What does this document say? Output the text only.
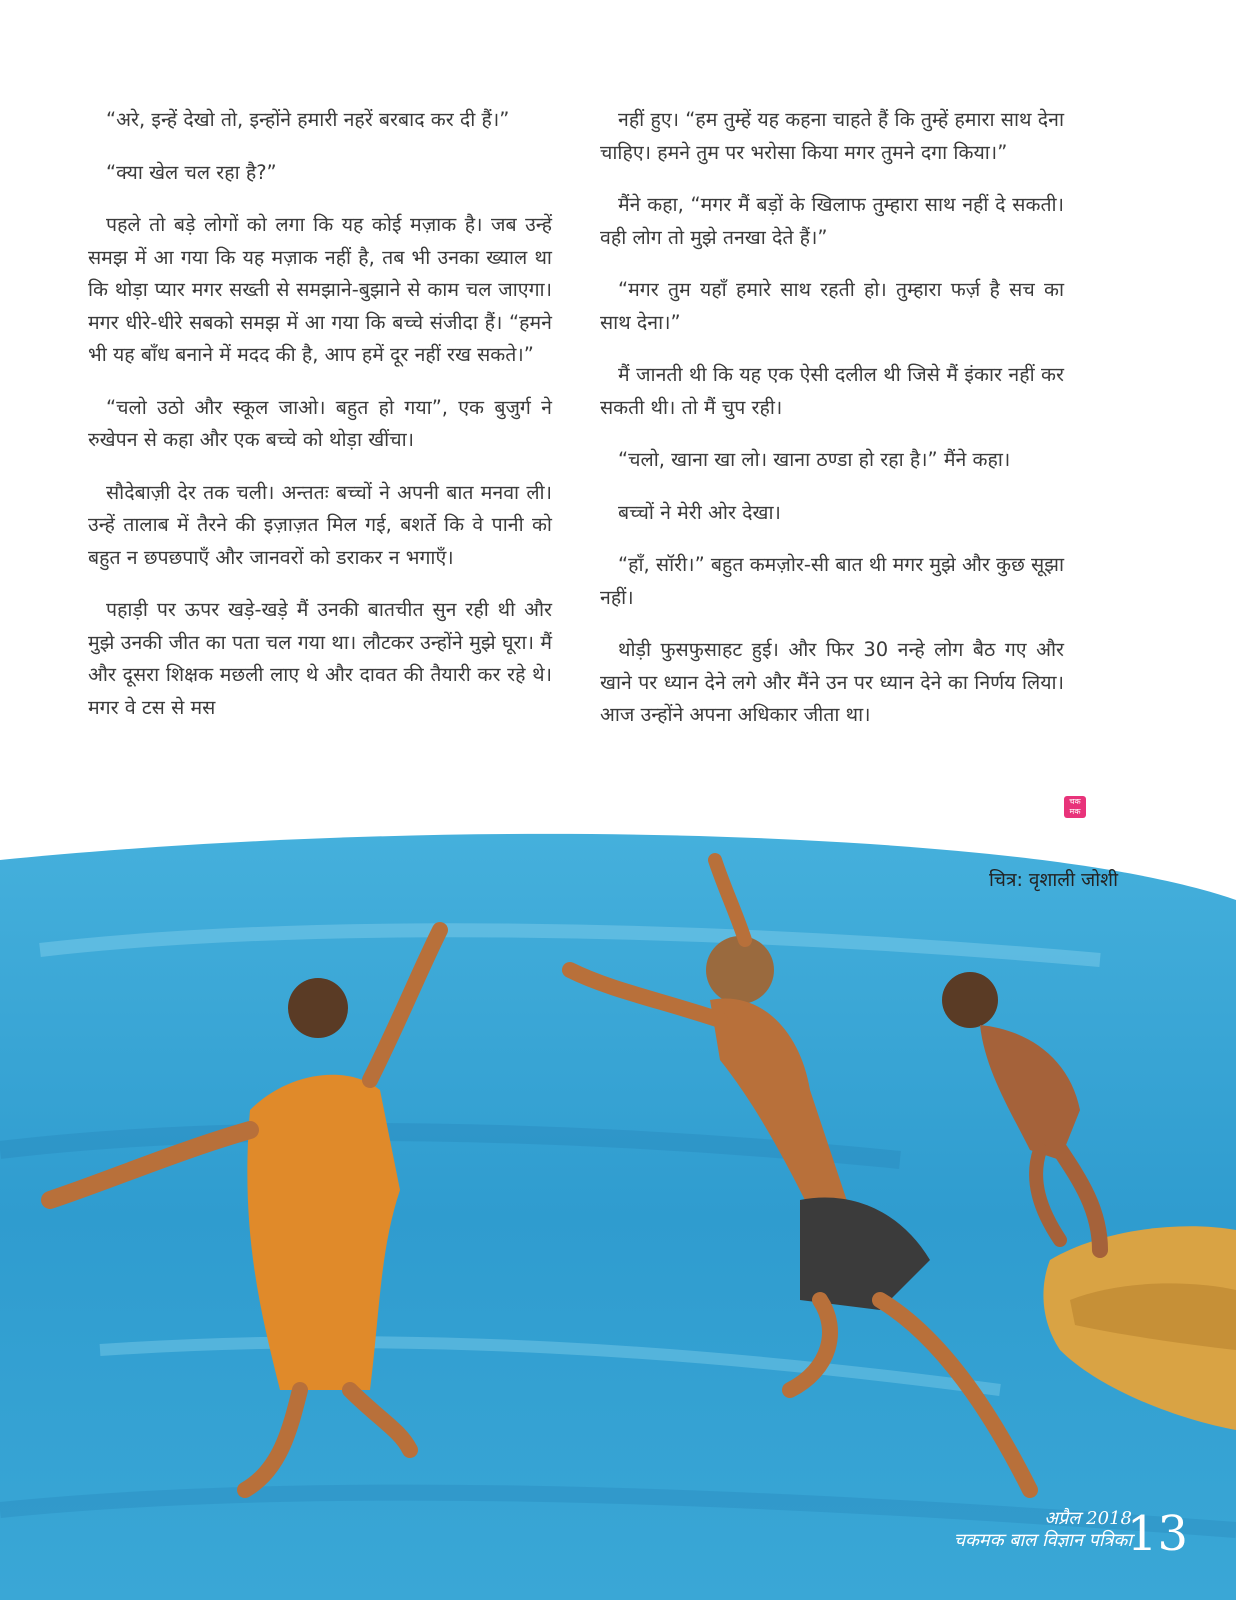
“अरे, इन्हें देखो तो, इन्होंने हमारी नहरें बरबाद कर दी हैं।”

“क्या खेल चल रहा है?”

पहले तो बड़े लोगों को लगा कि यह कोई मज़ाक है। जब उन्हें समझ में आ गया कि यह मज़ाक नहीं है, तब भी उनका ख्याल था कि थोड़ा प्यार मगर सख्ती से समझाने-बुझाने से काम चल जाएगा। मगर धीरे-धीरे सबको समझ में आ गया कि बच्चे संजीदा हैं। “हमने भी यह बाँध बनाने में मदद की है, आप हमें दूर नहीं रख सकते।”

“चलो उठो और स्कूल जाओ। बहुत हो गया”, एक बुजुर्ग ने रुखेपन से कहा और एक बच्चे को थोड़ा खींचा।

सौदेबाज़ी देर तक चली। अन्ततः बच्चों ने अपनी बात मनवा ली। उन्हें तालाब में तैरने की इज़ाज़त मिल गई, बशर्ते कि वे पानी को बहुत न छपछपाएँ और जानवरों को डराकर न भगाएँ।

पहाड़ी पर ऊपर खड़े-खड़े मैं उनकी बातचीत सुन रही थी और मुझे उनकी जीत का पता चल गया था। लौटकर उन्होंने मुझे घूरा। मैं और दूसरा शिक्षक मछली लाए थे और दावत की तैयारी कर रहे थे। मगर वे टस से मस

नहीं हुए। “हम तुम्हें यह कहना चाहते हैं कि तुम्हें हमारा साथ देना चाहिए। हमने तुम पर भरोसा किया मगर तुमने दगा किया।”

मैंने कहा, “मगर मैं बड़ों के खिलाफ तुम्हारा साथ नहीं दे सकती। वही लोग तो मुझे तनखा देते हैं।”

“मगर तुम यहाँ हमारे साथ रहती हो। तुम्हारा फर्ज़ है सच का साथ देना।”

मैं जानती थी कि यह एक ऐसी दलील थी जिसे मैं इंकार नहीं कर सकती थी। तो मैं चुप रही।

“चलो, खाना खा लो। खाना ठण्डा हो रहा है।” मैंने कहा।

बच्चों ने मेरी ओर देखा।

“हाँ, सॉरी।” बहुत कमज़ोर-सी बात थी मगर मुझे और कुछ सूझा नहीं।

थोड़ी फुसफुसाहट हुई। और फिर 30 नन्हे लोग बैठ गए और खाने पर ध्यान देने लगे और मैंने उन पर ध्यान देने का निर्णय लिया। आज उन्होंने अपना अधिकार जीता था।

चक मक
चित्र: वृशाली जोशी
अप्रैल 2018
चकमक बाल विज्ञान पत्रिका
13
